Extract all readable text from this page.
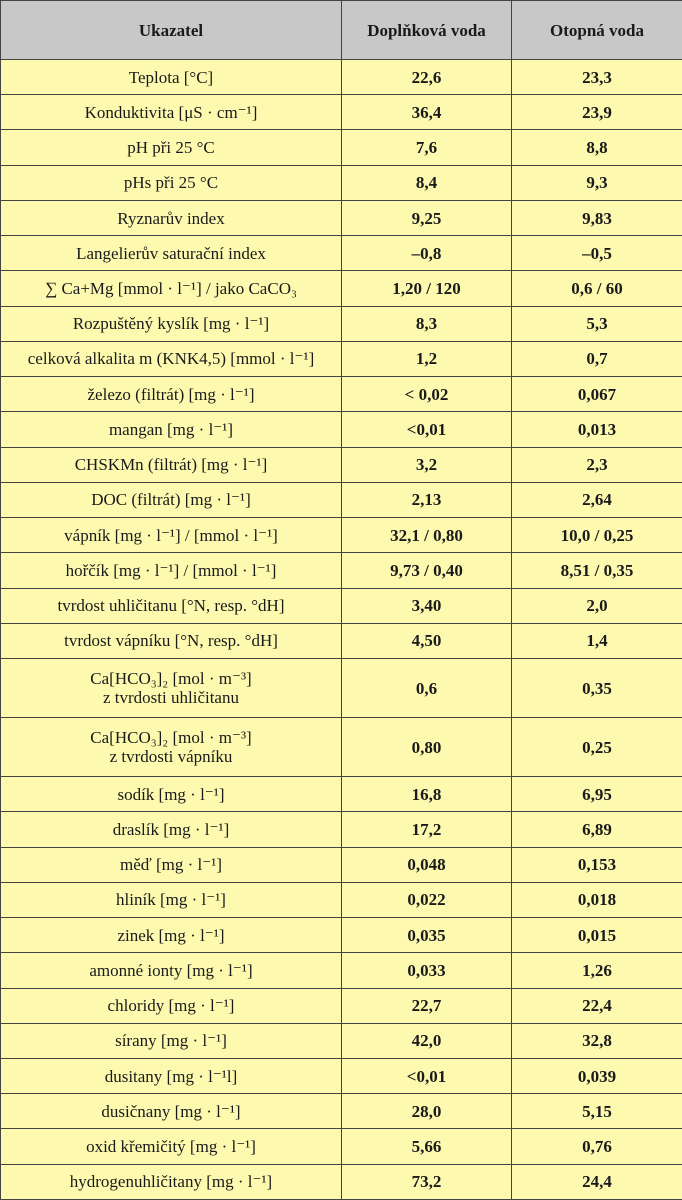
Ukazatel	Doplňková voda	Otopná voda
Teplota [°C]	22,6	23,3
Konduktivita [μS · cm⁻¹]	36,4	23,9
pH při 25 °C	7,6	8,8
pHs při 25 °C	8,4	9,3
Ryznarův index	9,25	9,83
Langelierův saturační index	–0,8	–0,5
∑ Ca+Mg [mmol · l⁻¹] / jako CaCO₃	1,20 / 120	0,6 / 60
Rozpuštěný kyslík [mg · l⁻¹]	8,3	5,3
celková alkalita m (KNK4,5) [mmol · l⁻¹]	1,2	0,7
železo (filtrát) [mg · l⁻¹]	< 0,02	0,067
mangan [mg · l⁻¹]	<0,01	0,013
CHSKMn (filtrát) [mg · l⁻¹]	3,2	2,3
DOC (filtrát) [mg · l⁻¹]	2,13	2,64
vápník [mg · l⁻¹] / [mmol · l⁻¹]	32,1 / 0,80	10,0 / 0,25
hořčík [mg · l⁻¹] / [mmol · l⁻¹]	9,73 / 0,40	8,51 / 0,35
tvrdost uhličitanu [°N, resp. °dH]	3,40	2,0
tvrdost vápníku [°N, resp. °dH]	4,50	1,4
Ca[HCO₃]₂ [mol · m⁻³]
z tvrdosti uhličitanu	0,6	0,35
Ca[HCO₃]₂ [mol · m⁻³]
z tvrdosti vápníku	0,80	0,25
sodík [mg · l⁻¹]	16,8	6,95
draslík [mg · l⁻¹]	17,2	6,89
měď [mg · l⁻¹]	0,048	0,153
hliník [mg · l⁻¹]	0,022	0,018
zinek [mg · l⁻¹]	0,035	0,015
amonné ionty [mg · l⁻¹]	0,033	1,26
chloridy [mg · l⁻¹]	22,7	22,4
sírany [mg · l⁻¹]	42,0	32,8
dusitany [mg · l⁻¹l]	<0,01	0,039
dusičnany [mg · l⁻¹]	28,0	5,15
oxid křemičitý [mg · l⁻¹]	5,66	0,76
hydrogenuhličitany [mg · l⁻¹]	73,2	24,4
